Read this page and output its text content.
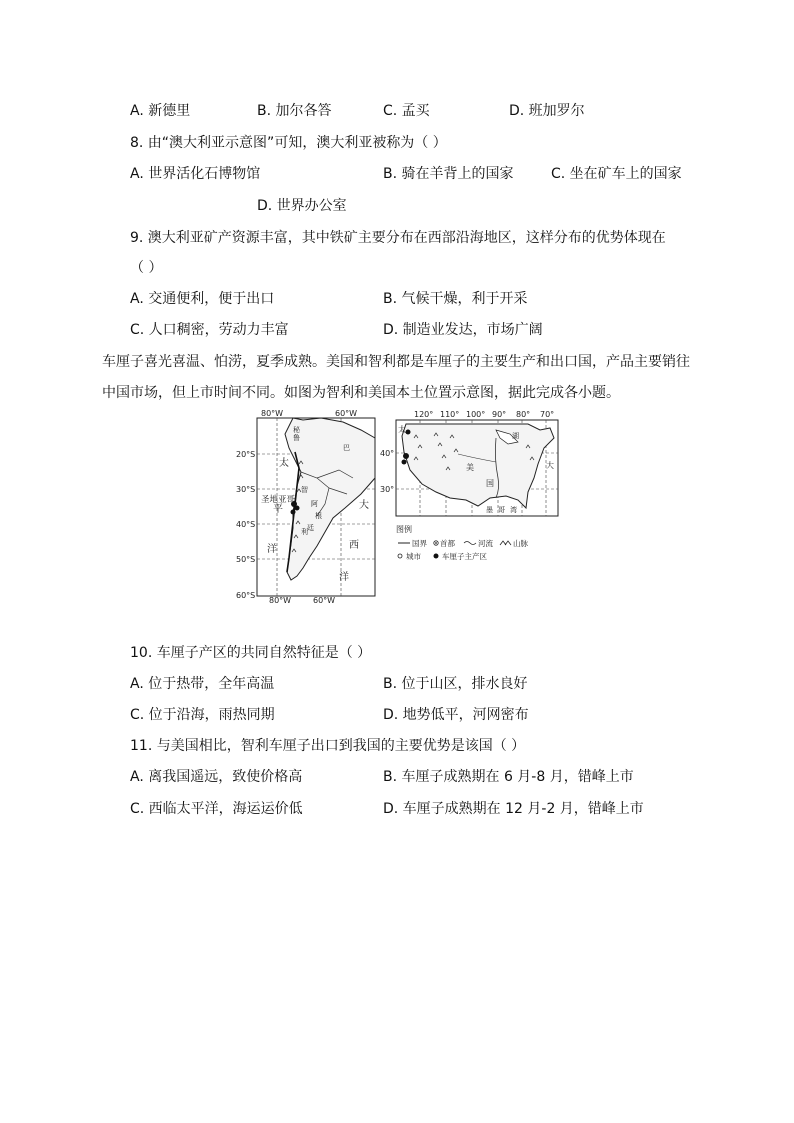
A. 新德里	B. 加尔各答	C. 孟买	D. 班加罗尔
8. 由“澳大利亚示意图”可知，澳大利亚被称为（ ）
A. 世界活化石博物馆	B. 骑在羊背上的国家	C. 坐在矿车上的国家
D. 世界办公室
9. 澳大利亚矿产资源丰富，其中铁矿主要分布在西部沿海地区，这样分布的优势体现在
（ ）
A. 交通便利，便于出口	B. 气候干燥，利于开采
C. 人口稠密，劳动力丰富	D. 制造业发达，市场广阔
车厘子喜光喜温、怕涝，夏季成熟。美国和智利都是车厘子的主要生产和出口国，产品主要销往
中国市场，但上市时间不同。如图为智利和美国本土位置示意图，据此完成各小题。
80°W	60°W
80°W	60°W
20°S
30°S
40°S
50°S
60°S
太
平
洋
大
西
洋
圣地亚哥
秘
鲁
智
利
阿
根
廷
巴
120° 110° 100° 90° 80° 70°
40°
30°
太
大
美
国
湖
墨 哥 湾
图例
国界 首都	河流	山脉
城市	车厘子主产区
10. 车厘子产区的共同自然特征是（ ）
A. 位于热带，全年高温	B. 位于山区，排水良好
C. 位于沿海，雨热同期	D. 地势低平，河网密布
11. 与美国相比，智利车厘子出口到我国的主要优势是该国（ ）
A. 离我国遥远，致使价格高	B. 车厘子成熟期在 6 月-8 月，错峰上市
C. 西临太平洋，海运运价低	D. 车厘子成熟期在 12 月-2 月，错峰上市
